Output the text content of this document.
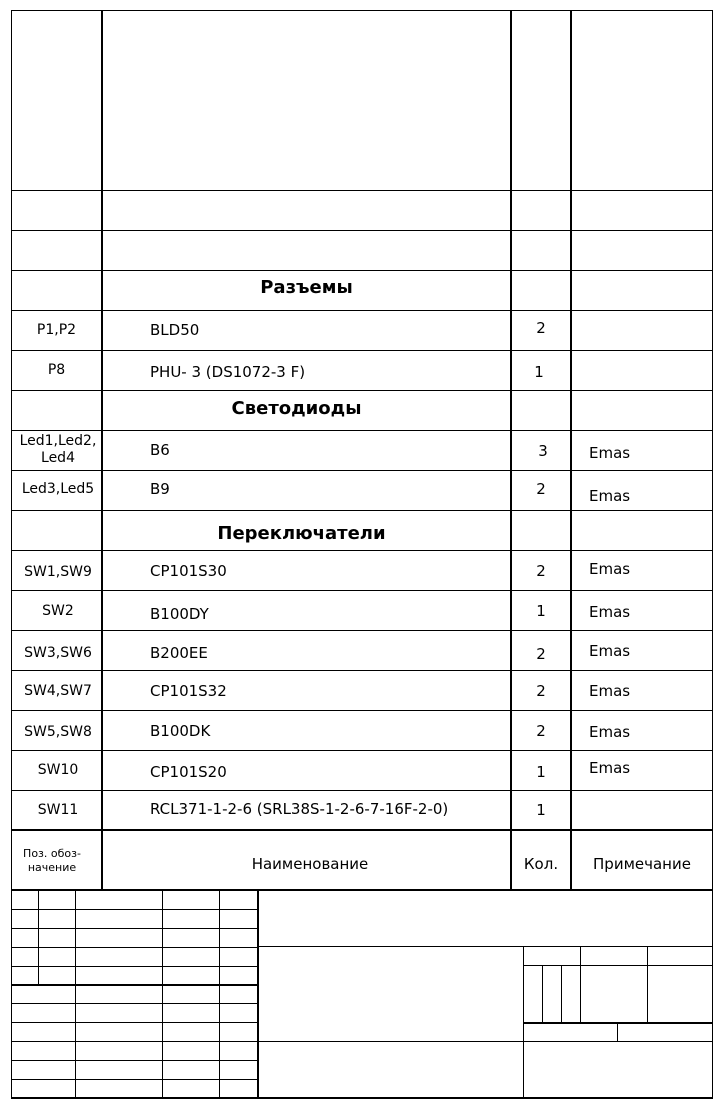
Разъемы
P1,P2	BLD50	2
P8	PHU- 3 (DS1072-3 F)	1
Светодиоды
Led1,Led2, Led4	B6	3	Emas
Led3,Led5	B9	2	Emas
Переключатели
SW1,SW9	CP101S30	2	Emas
SW2	B100DY	1	Emas
SW3,SW6	B200EE	2	Emas
SW4,SW7	CP101S32	2	Emas
SW5,SW8	B100DK	2	Emas
SW10	CP101S20	1	Emas
SW11	RCL371-1-2-6 (SRL38S-1-2-6-7-16F-2-0)	1
Поз. обоз- начение	Наименование	Кол.	Примечание
